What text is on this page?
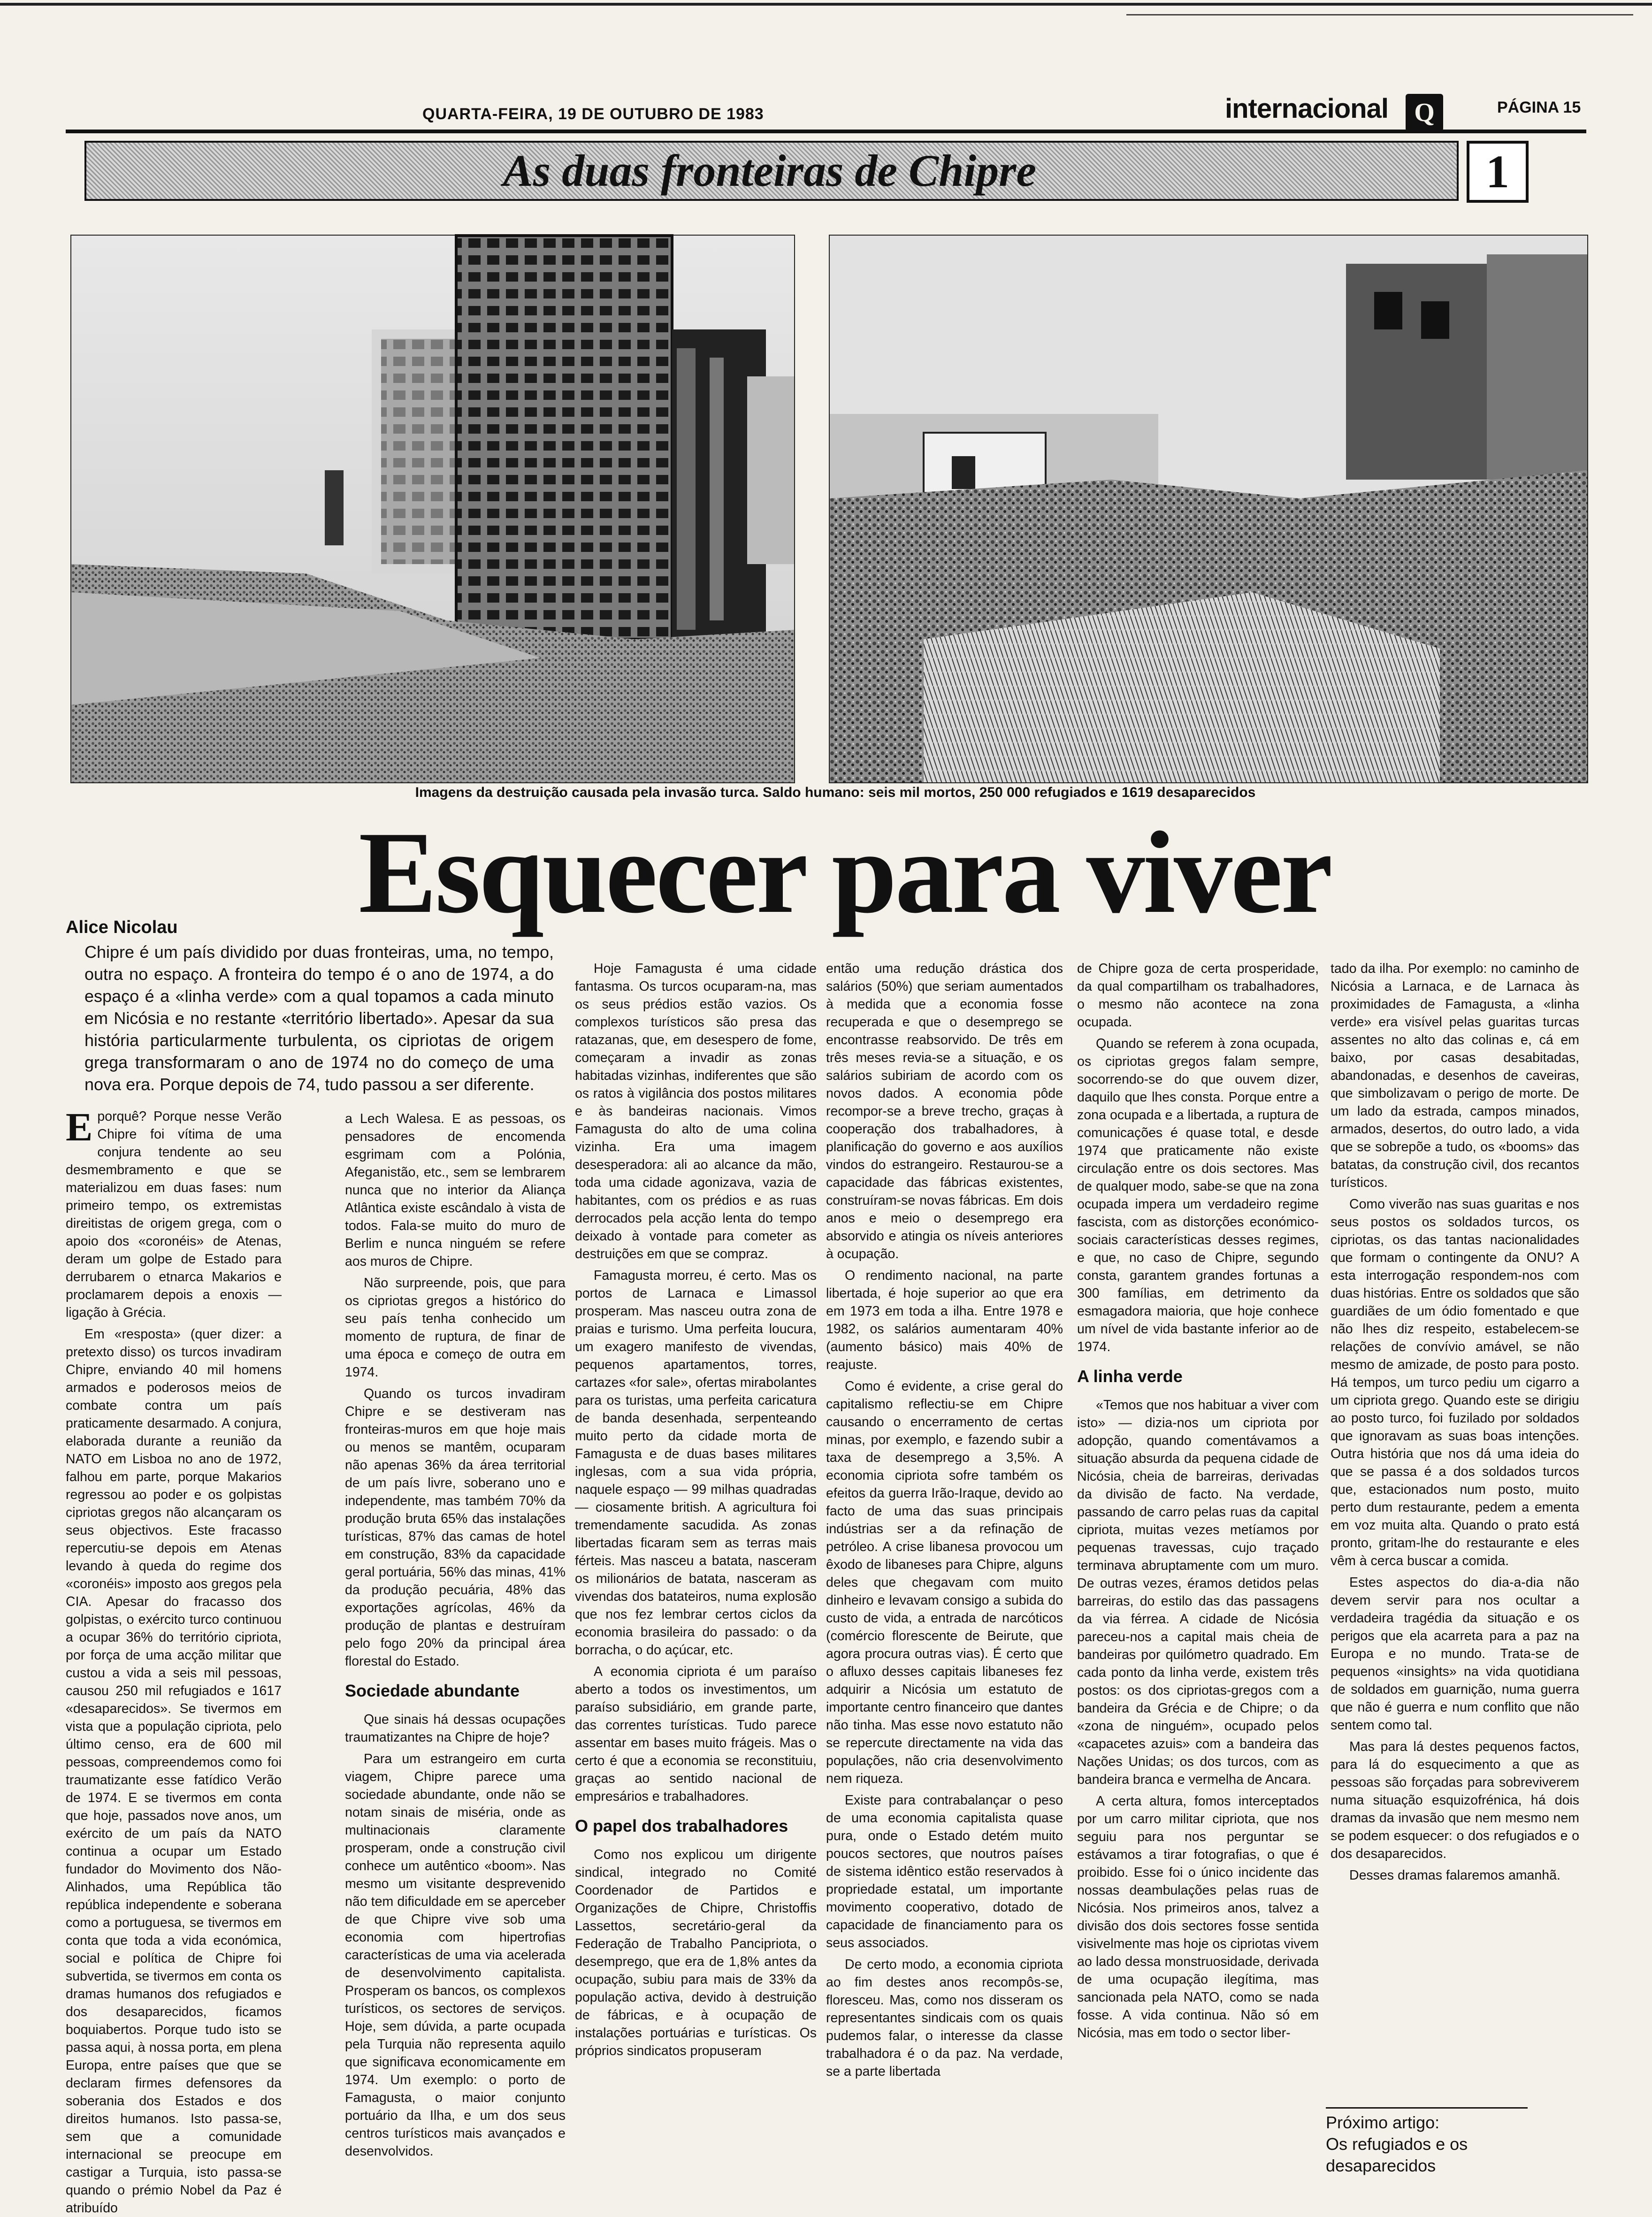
QUARTA-FEIRA, 19 DE OUTUBRO DE 1983	internacional Q	PÁGINA 15
As duas fronteiras de Chipre	1
Imagens da destruição causada pela invasão turca. Saldo humano: seis mil mortos, 250 000 refugiados e 1619 desaparecidos
Esquecer para viver
Alice Nicolau
Chipre é um país dividido por duas fronteiras, uma, no tempo, outra no espaço. A fronteira do tempo é o ano de 1974, a do espaço é a «linha verde» com a qual topamos a cada minuto em Nicósia e no restante «território libertado». Apesar da sua história particularmente turbulenta, os cipriotas de origem grega transformaram o ano de 1974 no do começo de uma nova era. Porque depois de 74, tudo passou a ser diferente.
E porquê? Porque nesse Verão Chipre foi vítima de uma conjura tendente ao seu desmembramento e que se materializou em duas fases: num primeiro tempo, os extremistas direitistas de origem grega, com o apoio dos «coronéis» de Atenas, deram um golpe de Estado para derrubarem o etnarca Makarios e proclamarem depois a enoxis — ligação à Grécia.

Em «resposta» (quer dizer: a pretexto disso) os turcos invadiram Chipre, enviando 40 mil homens armados e poderosos meios de combate contra um país praticamente desarmado. A conjura, elaborada durante a reunião da NATO em Lisboa no ano de 1972, falhou em parte, porque Makarios regressou ao poder e os golpistas cipriotas gregos não alcançaram os seus objectivos. Este fracasso repercutiu-se depois em Atenas levando à queda do regime dos «coronéis» imposto aos gregos pela CIA. Apesar do fracasso dos golpistas, o exército turco continuou a ocupar 36% do território cipriota, por força de uma acção militar que custou a vida a seis mil pessoas, causou 250 mil refugiados e 1617 «desaparecidos». Se tivermos em vista que a população cipriota, pelo último censo, era de 600 mil pessoas, compreendemos como foi traumatizante esse fatídico Verão de 1974. E se tivermos em conta que hoje, passados nove anos, um exército de um país da NATO continua a ocupar um Estado fundador do Movimento dos Não-Alinhados, uma República tão república independente e soberana como a portuguesa, se tivermos em conta que toda a vida económica, social e política de Chipre foi subvertida, se tivermos em conta os dramas humanos dos refugiados e dos desaparecidos, ficamos boquiabertos. Porque tudo isto se passa aqui, à nossa porta, em plena Europa, entre países que que se declaram firmes defensores da soberania dos Estados e dos direitos humanos. Isto passa-se, sem que a comunidade internacional se preocupe em castigar a Turquia, isto passa-se quando o prémio Nobel da Paz é atribuído

a Lech Walesa. E as pessoas, os pensadores de encomenda esgrimam com a Polónia, Afeganistão, etc., sem se lembrarem nunca que no interior da Aliança Atlântica existe escândalo à vista de todos. Fala-se muito do muro de Berlim e nunca ninguém se refere aos muros de Chipre.

Não surpreende, pois, que para os cipriotas gregos a histórico do seu país tenha conhecido um momento de ruptura, de finar de uma época e começo de outra em 1974.

Quando os turcos invadiram Chipre e se destiveram nas fronteiras-muros em que hoje mais ou menos se mantêm, ocuparam não apenas 36% da área territorial de um país livre, soberano uno e independente, mas também 70% da produção bruta 65% das instalações turísticas, 87% das camas de hotel em construção, 83% da capacidade geral portuária, 56% das minas, 41% da produção pecuária, 48% das exportações agrícolas, 46% da produção de plantas e destruíram pelo fogo 20% da principal área florestal do Estado.

Sociedade abundante

Que sinais há dessas ocupações traumatizantes na Chipre de hoje?

Para um estrangeiro em curta viagem, Chipre parece uma sociedade abundante, onde não se notam sinais de miséria, onde as multinacionais claramente prosperam, onde a construção civil conhece um autêntico «boom». Nas mesmo um visitante desprevenido não tem dificuldade em se aperceber de que Chipre vive sob uma economia com hipertrofias características de uma via acelerada de desenvolvimento capitalista. Prosperam os bancos, os complexos turísticos, os sectores de serviços. Hoje, sem dúvida, a parte ocupada pela Turquia não representa aquilo que significava economicamente em 1974. Um exemplo: o porto de Famagusta, o maior conjunto portuário da Ilha, e um dos seus centros turísticos mais avançados e desenvolvidos.

Hoje Famagusta é uma cidade fantasma. Os turcos ocuparam-na, mas os seus prédios estão vazios. Os complexos turísticos são presa das ratazanas, que, em desespero de fome, começaram a invadir as zonas habitadas vizinhas, indiferentes que são os ratos à vigilância dos postos militares e às bandeiras nacionais. Vimos Famagusta do alto de uma colina vizinha. Era uma imagem desesperadora: ali ao alcance da mão, toda uma cidade agonizava, vazia de habitantes, com os prédios e as ruas derrocados pela acção lenta do tempo deixado à vontade para cometer as destruições em que se compraz.

Famagusta morreu, é certo. Mas os portos de Larnaca e Limassol prosperam. Mas nasceu outra zona de praias e turismo. Uma perfeita loucura, um exagero manifesto de vivendas, pequenos apartamentos, torres, cartazes «for sale», ofertas mirabolantes para os turistas, uma perfeita caricatura de banda desenhada, serpenteando muito perto da cidade morta de Famagusta e de duas bases militares inglesas, com a sua vida própria, naquele espaço — 99 milhas quadradas — ciosamente british. A agricultura foi tremendamente sacudida. As zonas libertadas ficaram sem as terras mais férteis. Mas nasceu a batata, nasceram os milionários de batata, nasceram as vivendas dos batateiros, numa explosão que nos fez lembrar certos ciclos da economia brasileira do passado: o da borracha, o do açúcar, etc.

A economia cipriota é um paraíso aberto a todos os investimentos, um paraíso subsidiário, em grande parte, das correntes turísticas. Tudo parece assentar em bases muito frágeis. Mas o certo é que a economia se reconstituiu, graças ao sentido nacional de empresários e trabalhadores.

O papel dos trabalhadores

Como nos explicou um dirigente sindical, integrado no Comité Coordenador de Partidos e Organizações de Chipre, Christoffis Lassettos, secretário-geral da Federação de Trabalho Pancipriota, o desemprego, que era de 1,8% antes da ocupação, subiu para mais de 33% da população activa, devido à destruição de fábricas, e à ocupação de instalações portuárias e turísticas. Os próprios sindicatos propuseram

então uma redução drástica dos salários (50%) que seriam aumentados à medida que a economia fosse recuperada e que o desemprego se encontrasse reabsorvido. De três em três meses revia-se a situação, e os salários subiriam de acordo com os novos dados. A economia pôde recompor-se a breve trecho, graças à cooperação dos trabalhadores, à planificação do governo e aos auxílios vindos do estrangeiro. Restaurou-se a capacidade das fábricas existentes, construíram-se novas fábricas. Em dois anos e meio o desemprego era absorvido e atingia os níveis anteriores à ocupação.

O rendimento nacional, na parte libertada, é hoje superior ao que era em 1973 em toda a ilha. Entre 1978 e 1982, os salários aumentaram 40% (aumento básico) mais 40% de reajuste.

Como é evidente, a crise geral do capitalismo reflectiu-se em Chipre causando o encerramento de certas minas, por exemplo, e fazendo subir a taxa de desemprego a 3,5%. A economia cipriota sofre também os efeitos da guerra Irão-Iraque, devido ao facto de uma das suas principais indústrias ser a da refinação de petróleo. A crise libanesa provocou um êxodo de libaneses para Chipre, alguns deles que chegavam com muito dinheiro e levavam consigo a subida do custo de vida, a entrada de narcóticos (comércio florescente de Beirute, que agora procura outras vias). É certo que o afluxo desses capitais libaneses fez adquirir a Nicósia um estatuto de importante centro financeiro que dantes não tinha. Mas esse novo estatuto não se repercute directamente na vida das populações, não cria desenvolvimento nem riqueza.

Existe para contrabalançar o peso de uma economia capitalista quase pura, onde o Estado detém muito poucos sectores, que noutros países de sistema idêntico estão reservados à propriedade estatal, um importante movimento cooperativo, dotado de capacidade de financiamento para os seus associados.

De certo modo, a economia cipriota ao fim destes anos recompôs-se, floresceu. Mas, como nos disseram os representantes sindicais com os quais pudemos falar, o interesse da classe trabalhadora é o da paz. Na verdade, se a parte libertada

de Chipre goza de certa prosperidade, da qual compartilham os trabalhadores, o mesmo não acontece na zona ocupada.

Quando se referem à zona ocupada, os cipriotas gregos falam sempre, socorrendo-se do que ouvem dizer, daquilo que lhes consta. Porque entre a zona ocupada e a libertada, a ruptura de comunicações é quase total, e desde 1974 que praticamente não existe circulação entre os dois sectores. Mas de qualquer modo, sabe-se que na zona ocupada impera um verdadeiro regime fascista, com as distorções económico-sociais características desses regimes, e que, no caso de Chipre, segundo consta, garantem grandes fortunas a 300 famílias, em detrimento da esmagadora maioria, que hoje conhece um nível de vida bastante inferior ao de 1974.

A linha verde

«Temos que nos habituar a viver com isto» — dizia-nos um cipriota por adopção, quando comentávamos a situação absurda da pequena cidade de Nicósia, cheia de barreiras, derivadas da divisão de facto. Na verdade, passando de carro pelas ruas da capital cipriota, muitas vezes metíamos por pequenas travessas, cujo traçado terminava abruptamente com um muro. De outras vezes, éramos detidos pelas barreiras, do estilo das das passagens da via férrea. A cidade de Nicósia pareceu-nos a capital mais cheia de bandeiras por quilómetro quadrado. Em cada ponto da linha verde, existem três postos: os dos cipriotas-gregos com a bandeira da Grécia e de Chipre; o da «zona de ninguém», ocupado pelos «capacetes azuis» com a bandeira das Nações Unidas; os dos turcos, com as bandeira branca e vermelha de Ancara.

A certa altura, fomos interceptados por um carro militar cipriota, que nos seguiu para nos perguntar se estávamos a tirar fotografias, o que é proibido. Esse foi o único incidente das nossas deambulações pelas ruas de Nicósia. Nos primeiros anos, talvez a divisão dos dois sectores fosse sentida visivelmente mas hoje os cipriotas vivem ao lado dessa monstruosidade, derivada de uma ocupação ilegítima, mas sancionada pela NATO, como se nada fosse. A vida continua. Não só em Nicósia, mas em todo o sector liber-

tado da ilha. Por exemplo: no caminho de Nicósia a Larnaca, e de Larnaca às proximidades de Famagusta, a «linha verde» era visível pelas guaritas turcas assentes no alto das colinas e, cá em baixo, por casas desabitadas, abandonadas, e desenhos de caveiras, que simbolizavam o perigo de morte. De um lado da estrada, campos minados, armados, desertos, do outro lado, a vida que se sobrepõe a tudo, os «booms» das batatas, da construção civil, dos recantos turísticos.

Como viverão nas suas guaritas e nos seus postos os soldados turcos, os cipriotas, os das tantas nacionalidades que formam o contingente da ONU? A esta interrogação respondem-nos com duas histórias. Entre os soldados que são guardiães de um ódio fomentado e que não lhes diz respeito, estabelecem-se relações de convívio amável, se não mesmo de amizade, de posto para posto. Há tempos, um turco pediu um cigarro a um cipriota grego. Quando este se dirigiu ao posto turco, foi fuzilado por soldados que ignoravam as suas boas intenções. Outra história que nos dá uma ideia do que se passa é a dos soldados turcos que, estacionados num posto, muito perto dum restaurante, pedem a ementa em voz muita alta. Quando o prato está pronto, gritam-lhe do restaurante e eles vêm à cerca buscar a comida.

Estes aspectos do dia-a-dia não devem servir para nos ocultar a verdadeira tragédia da situação e os perigos que ela acarreta para a paz na Europa e no mundo. Trata-se de pequenos «insights» na vida quotidiana de soldados em guarnição, numa guerra que não é guerra e num conflito que não sentem como tal.

Mas para lá destes pequenos factos, para lá do esquecimento a que as pessoas são forçadas para sobreviverem numa situação esquizofrénica, há dois dramas da invasão que nem mesmo nem se podem esquecer: o dos refugiados e o dos desaparecidos.

Desses dramas falaremos amanhã.

Próximo artigo:
Os refugiados e os desaparecidos
